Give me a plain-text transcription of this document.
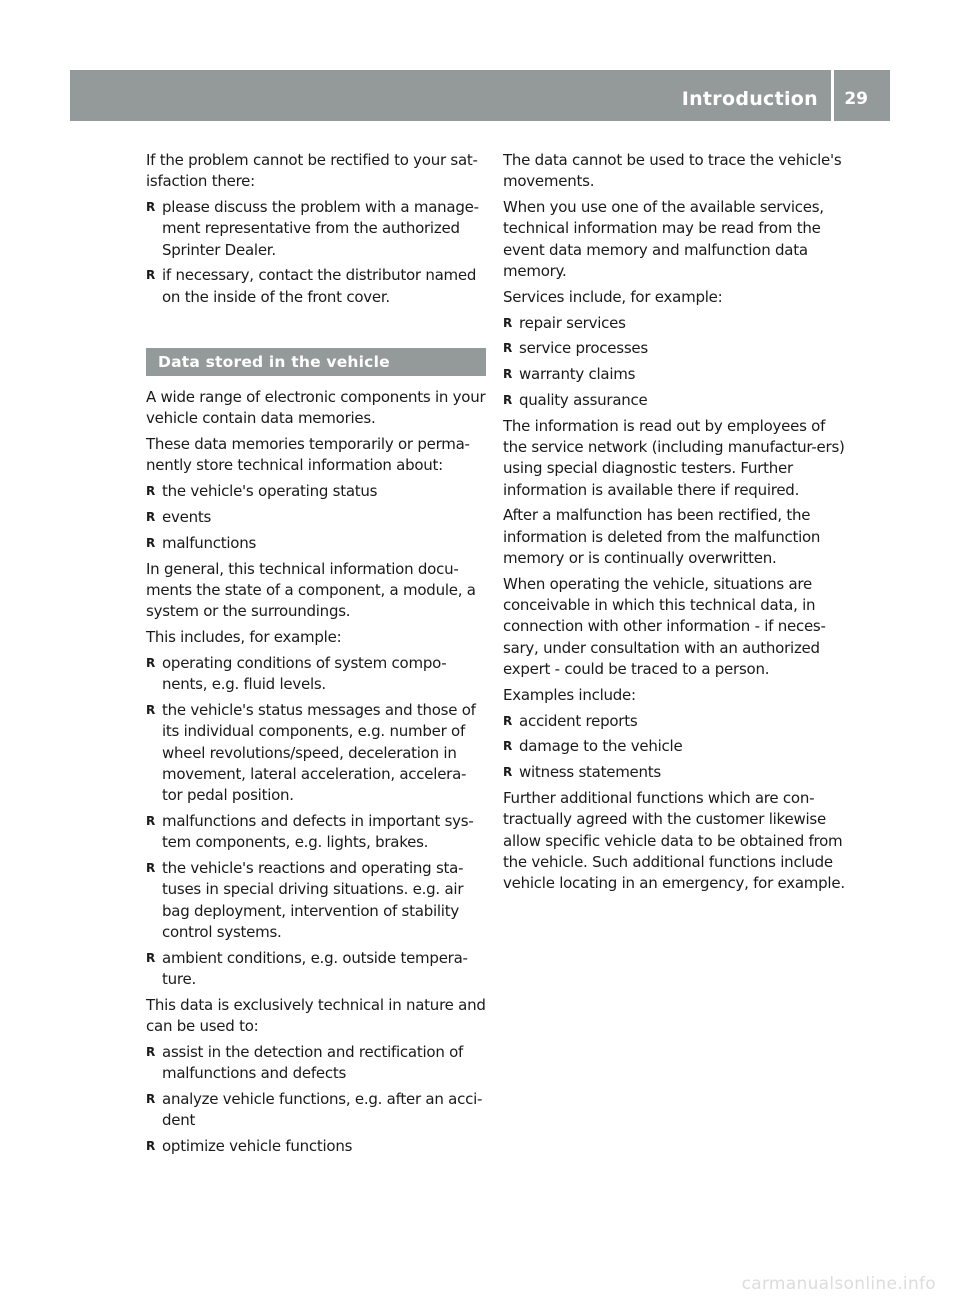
Introduction 29

If the problem cannot be rectified to your sat-isfaction there:

R please discuss the problem with a manage-ment representative from the authorized Sprinter Dealer.
R if necessary, contact the distributor named on the inside of the front cover.
Data stored in the vehicle

A wide range of electronic components in your vehicle contain data memories.

These data memories temporarily or perma-nently store technical information about:

R the vehicle's operating status
R events
R malfunctions

In general, this technical information docu-ments the state of a component, a module, a system or the surroundings.

This includes, for example:

R operating conditions of system compo-nents, e.g. fluid levels.
R the vehicle's status messages and those of its individual components, e.g. number of wheel revolutions/speed, deceleration in movement, lateral acceleration, accelera-tor pedal position.
R malfunctions and defects in important sys-tem components, e.g. lights, brakes.
R the vehicle's reactions and operating sta-tuses in special driving situations. e.g. air bag deployment, intervention of stability control systems.
R ambient conditions, e.g. outside tempera-ture.

This data is exclusively technical in nature and can be used to:

R assist in the detection and rectification of malfunctions and defects
R analyze vehicle functions, e.g. after an acci-dent
R optimize vehicle functions

The data cannot be used to trace the vehicle's movements.

When you use one of the available services, technical information may be read from the event data memory and malfunction data memory.

Services include, for example:

R repair services
R service processes
R warranty claims
R quality assurance

The information is read out by employees of the service network (including manufactur-ers) using special diagnostic testers. Further information is available there if required.

After a malfunction has been rectified, the information is deleted from the malfunction memory or is continually overwritten.

When operating the vehicle, situations are conceivable in which this technical data, in connection with other information - if neces-sary, under consultation with an authorized expert - could be traced to a person.

Examples include:

R accident reports
R damage to the vehicle
R witness statements

Further additional functions which are con-tractually agreed with the customer likewise allow specific vehicle data to be obtained from the vehicle. Such additional functions include vehicle locating in an emergency, for example.

carmanualsonline.info
